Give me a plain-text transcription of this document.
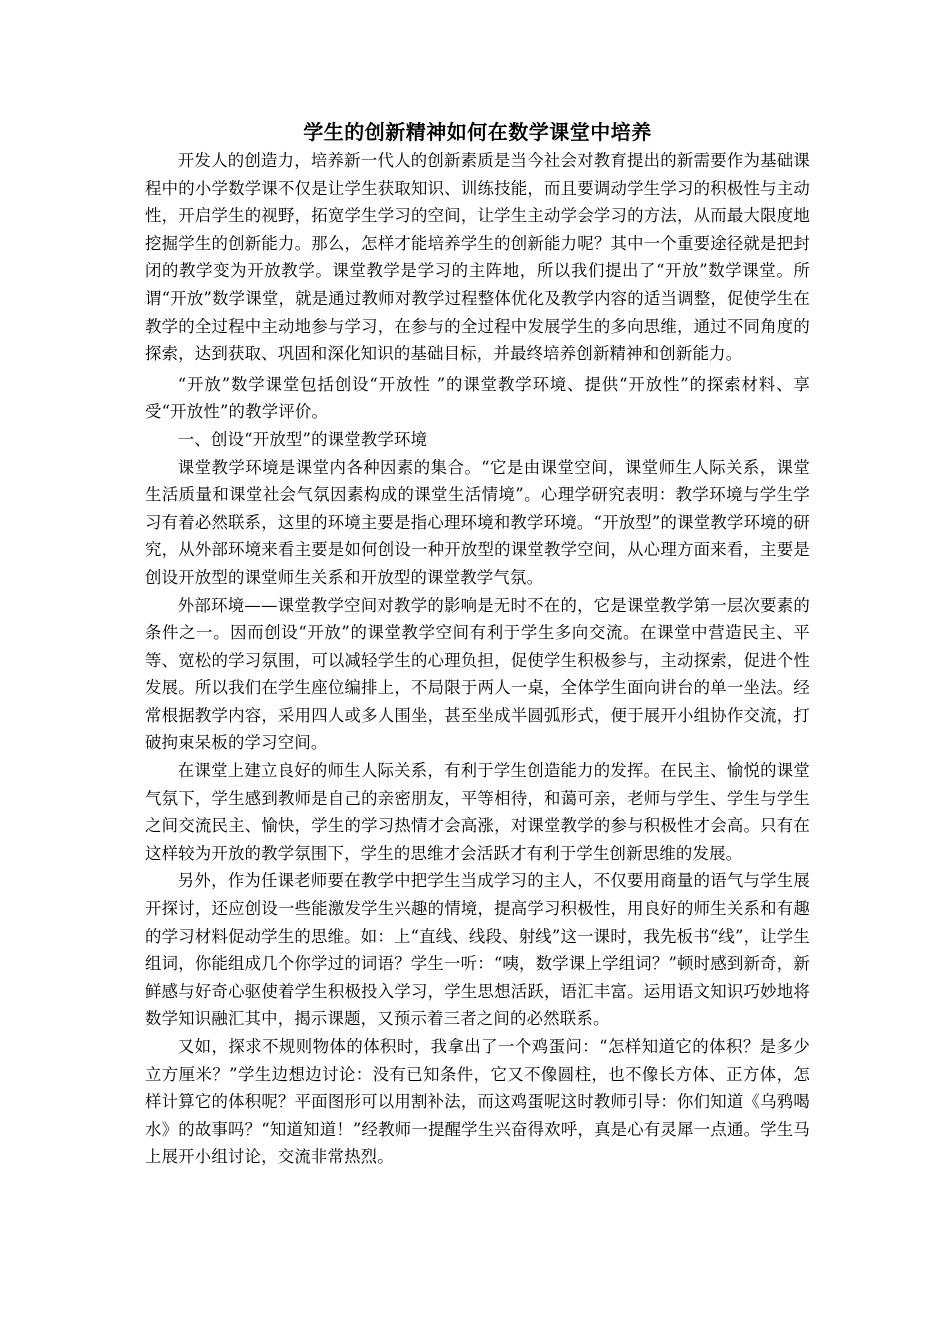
学生的创新精神如何在数学课堂中培养

开发人的创造力，培养新一代人的创新素质是当今社会对教育提出的新需要作为基础课程中的小学数学课不仅是让学生获取知识、训练技能，而且要调动学生学习的积极性与主动性，开启学生的视野，拓宽学生学习的空间，让学生主动学会学习的方法，从而最大限度地挖掘学生的创新能力。那么，怎样才能培养学生的创新能力呢？其中一个重要途径就是把封闭的教学变为开放教学。课堂教学是学习的主阵地，所以我们提出了“开放”数学课堂。所谓“开放”数学课堂，就是通过教师对教学过程整体优化及教学内容的适当调整，促使学生在教学的全过程中主动地参与学习，在参与的全过程中发展学生的多向思维，通过不同角度的探索，达到获取、巩固和深化知识的基础目标，并最终培养创新精神和创新能力。

“开放”数学课堂包括创设“开放性 ”的课堂教学环境、提供“开放性”的探索材料、享受“开放性”的教学评价。

一、创设“开放型”的课堂教学环境

课堂教学环境是课堂内各种因素的集合。“它是由课堂空间，课堂师生人际关系，课堂生活质量和课堂社会气氛因素构成的课堂生活情境”。心理学研究表明：教学环境与学生学习有着必然联系，这里的环境主要是指心理环境和教学环境。“开放型”的课堂教学环境的研究，从外部环境来看主要是如何创设一种开放型的课堂教学空间，从心理方面来看，主要是创设开放型的课堂师生关系和开放型的课堂教学气氛。

外部环境——课堂教学空间对教学的影响是无时不在的，它是课堂教学第一层次要素的条件之一。因而创设“开放”的课堂教学空间有利于学生多向交流。在课堂中营造民主、平等、宽松的学习氛围，可以减轻学生的心理负担，促使学生积极参与，主动探索，促进个性发展。所以我们在学生座位编排上，不局限于两人一桌，全体学生面向讲台的单一坐法。经常根据教学内容，采用四人或多人围坐，甚至坐成半圆弧形式，便于展开小组协作交流，打破拘束呆板的学习空间。

在课堂上建立良好的师生人际关系，有利于学生创造能力的发挥。在民主、愉悦的课堂气氛下，学生感到教师是自己的亲密朋友，平等相待，和蔼可亲，老师与学生、学生与学生之间交流民主、愉快，学生的学习热情才会高涨，对课堂教学的参与积极性才会高。只有在这样较为开放的教学氛围下，学生的思维才会活跃才有利于学生创新思维的发展。

另外，作为任课老师要在教学中把学生当成学习的主人，不仅要用商量的语气与学生展开探讨，还应创设一些能激发学生兴趣的情境，提高学习积极性，用良好的师生关系和有趣的学习材料促动学生的思维。如：上“直线、线段、射线”这一课时，我先板书“线”，让学生组词，你能组成几个你学过的词语？学生一听：“咦，数学课上学组词？”顿时感到新奇，新鲜感与好奇心驱使着学生积极投入学习，学生思想活跃，语汇丰富。运用语文知识巧妙地将数学知识融汇其中，揭示课题，又预示着三者之间的必然联系。

又如，探求不规则物体的体积时，我拿出了一个鸡蛋问：“怎样知道它的体积？是多少立方厘米？”学生边想边讨论：没有已知条件，它又不像圆柱，也不像长方体、正方体，怎样计算它的体积呢？平面图形可以用割补法，而这鸡蛋呢这时教师引导：你们知道《乌鸦喝水》的故事吗？“知道知道！”经教师一提醒学生兴奋得欢呼，真是心有灵犀一点通。学生马上展开小组讨论，交流非常热烈。
